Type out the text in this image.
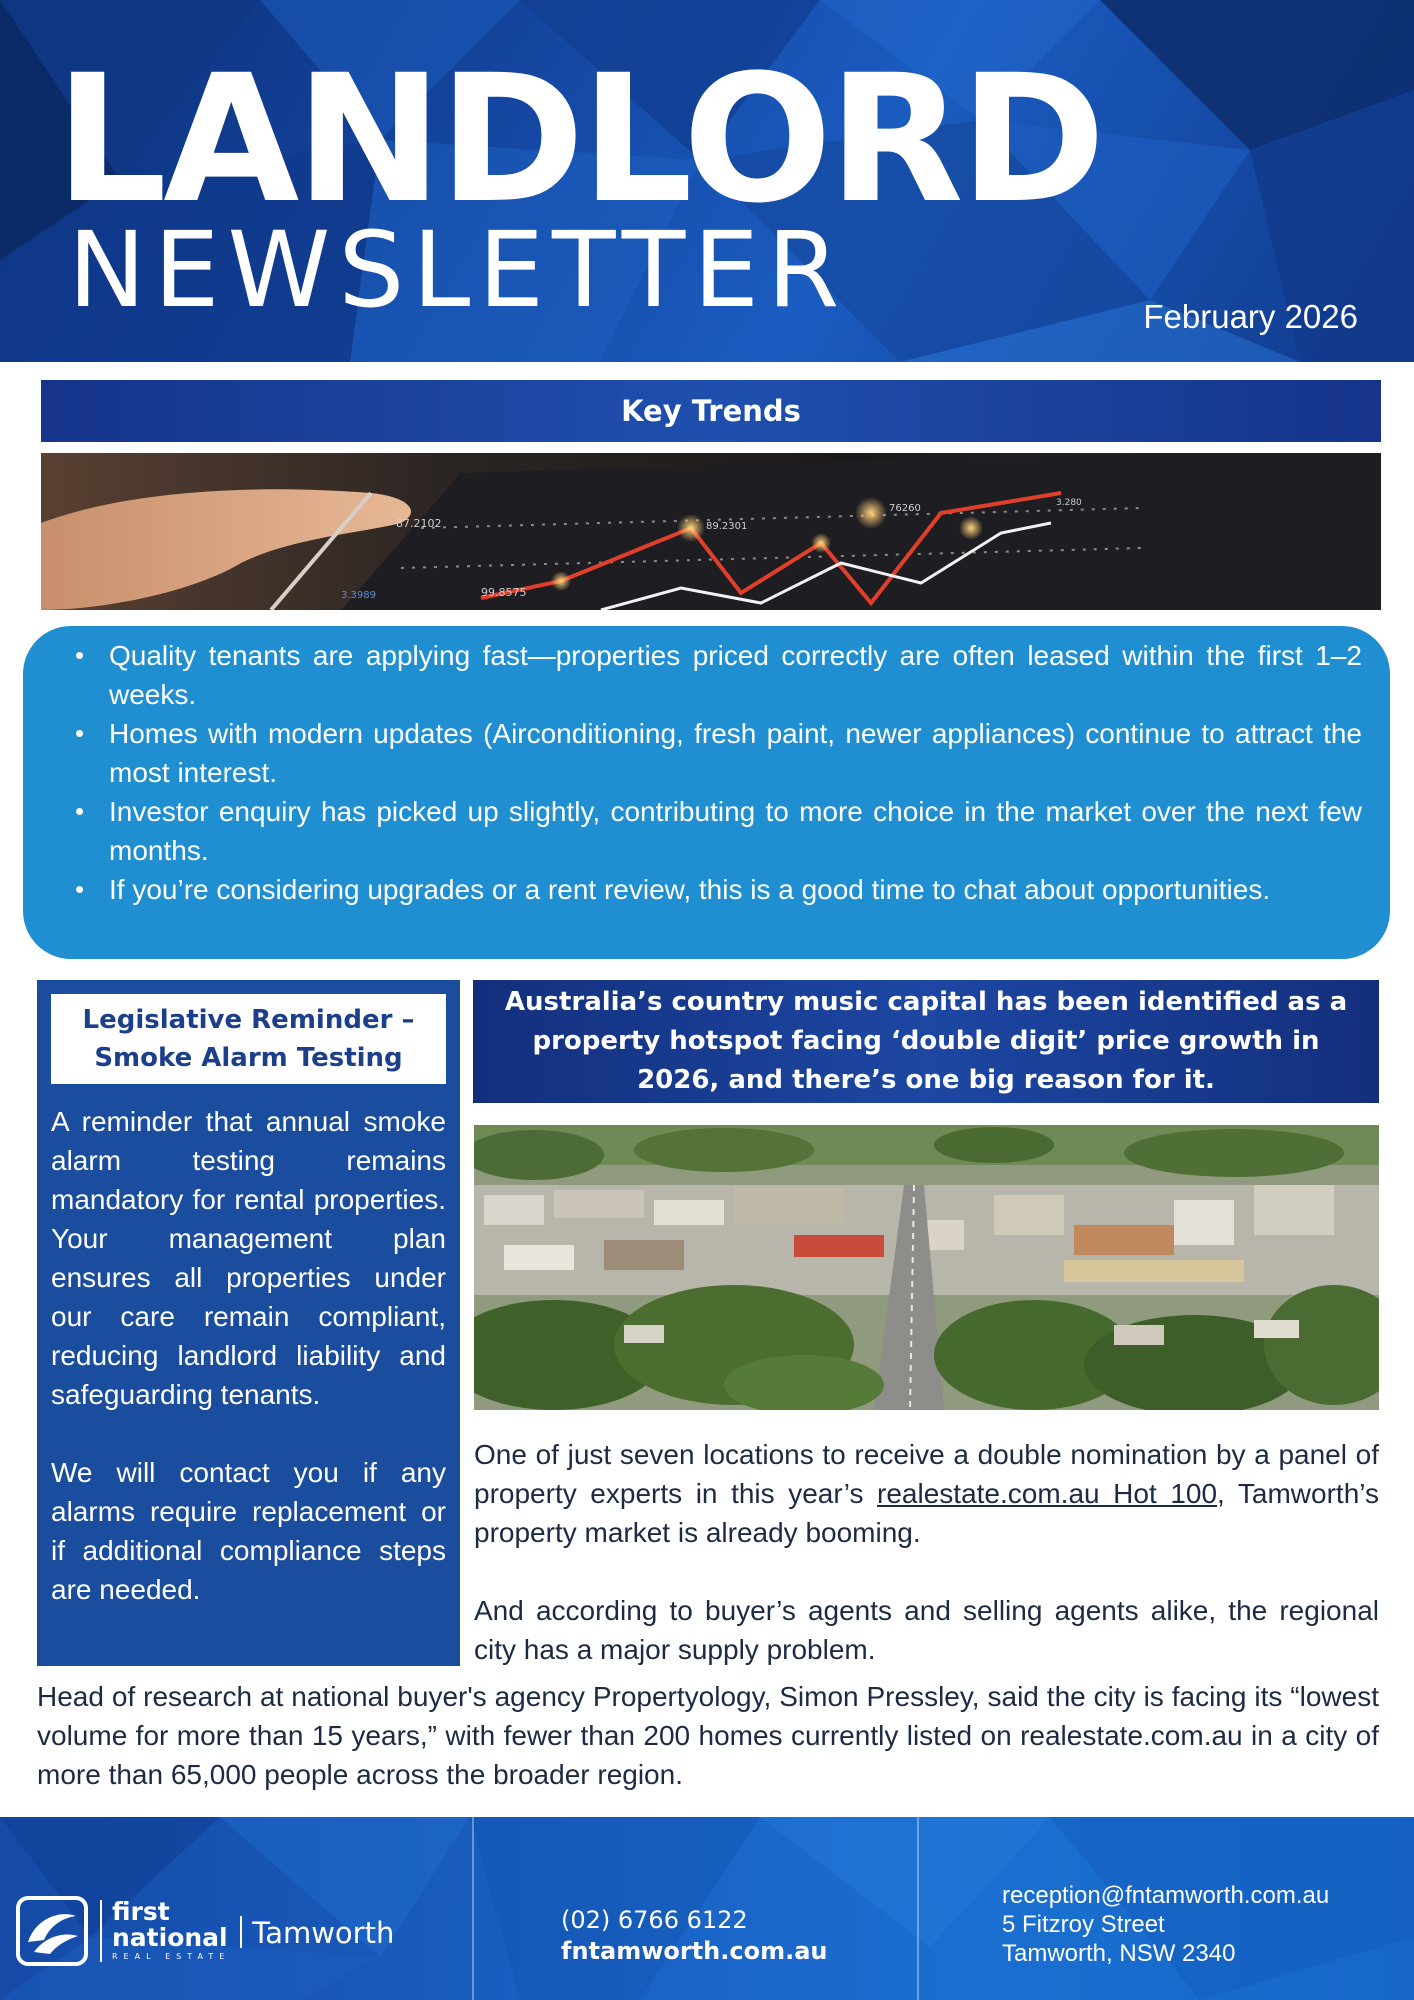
LANDLORD
NEWSLETTER	February 2026
Key Trends
87.2102	89.2301
76260	3.280
99.8575
3.3989
• Quality tenants are applying fast—properties priced correctly are often leased within the first 1–2 weeks.
• Homes with modern updates (Airconditioning, fresh paint, newer appliances) continue to attract the most interest.
• Investor enquiry has picked up slightly, contributing to more choice in the market over the next few months.
• If you’re considering upgrades or a rent review, this is a good time to chat about opportunities.
Legislative Reminder –
Smoke Alarm Testing

A reminder that annual smoke alarm testing remains mandatory for rental properties. Your management plan ensures all properties under our care remain compliant, reducing landlord liability and safeguarding tenants.

We will contact you if any alarms require replacement or if additional compliance steps are needed.

Australia’s country music capital has been identified as a property hotspot facing ‘double digit’ price growth in 2026, and there’s one big reason for it.

One of just seven locations to receive a double nomination by a panel of property experts in this year’s realestate.com.au Hot 100, Tamworth’s property market is already booming.

And according to buyer’s agents and selling agents alike, the regional city has a major supply problem.

Head of research at national buyer's agency Propertyology, Simon Pressley, said the city is facing its “lowest volume for more than 15 years,” with fewer than 200 homes currently listed on realestate.com.au in a city of more than 65,000 people across the broader region.
first
national
REAL ESTATE
Tamworth	(02) 6766 6122
fntamworth.com.au
reception@fntamworth.com.au
5 Fitzroy Street
Tamworth, NSW 2340
